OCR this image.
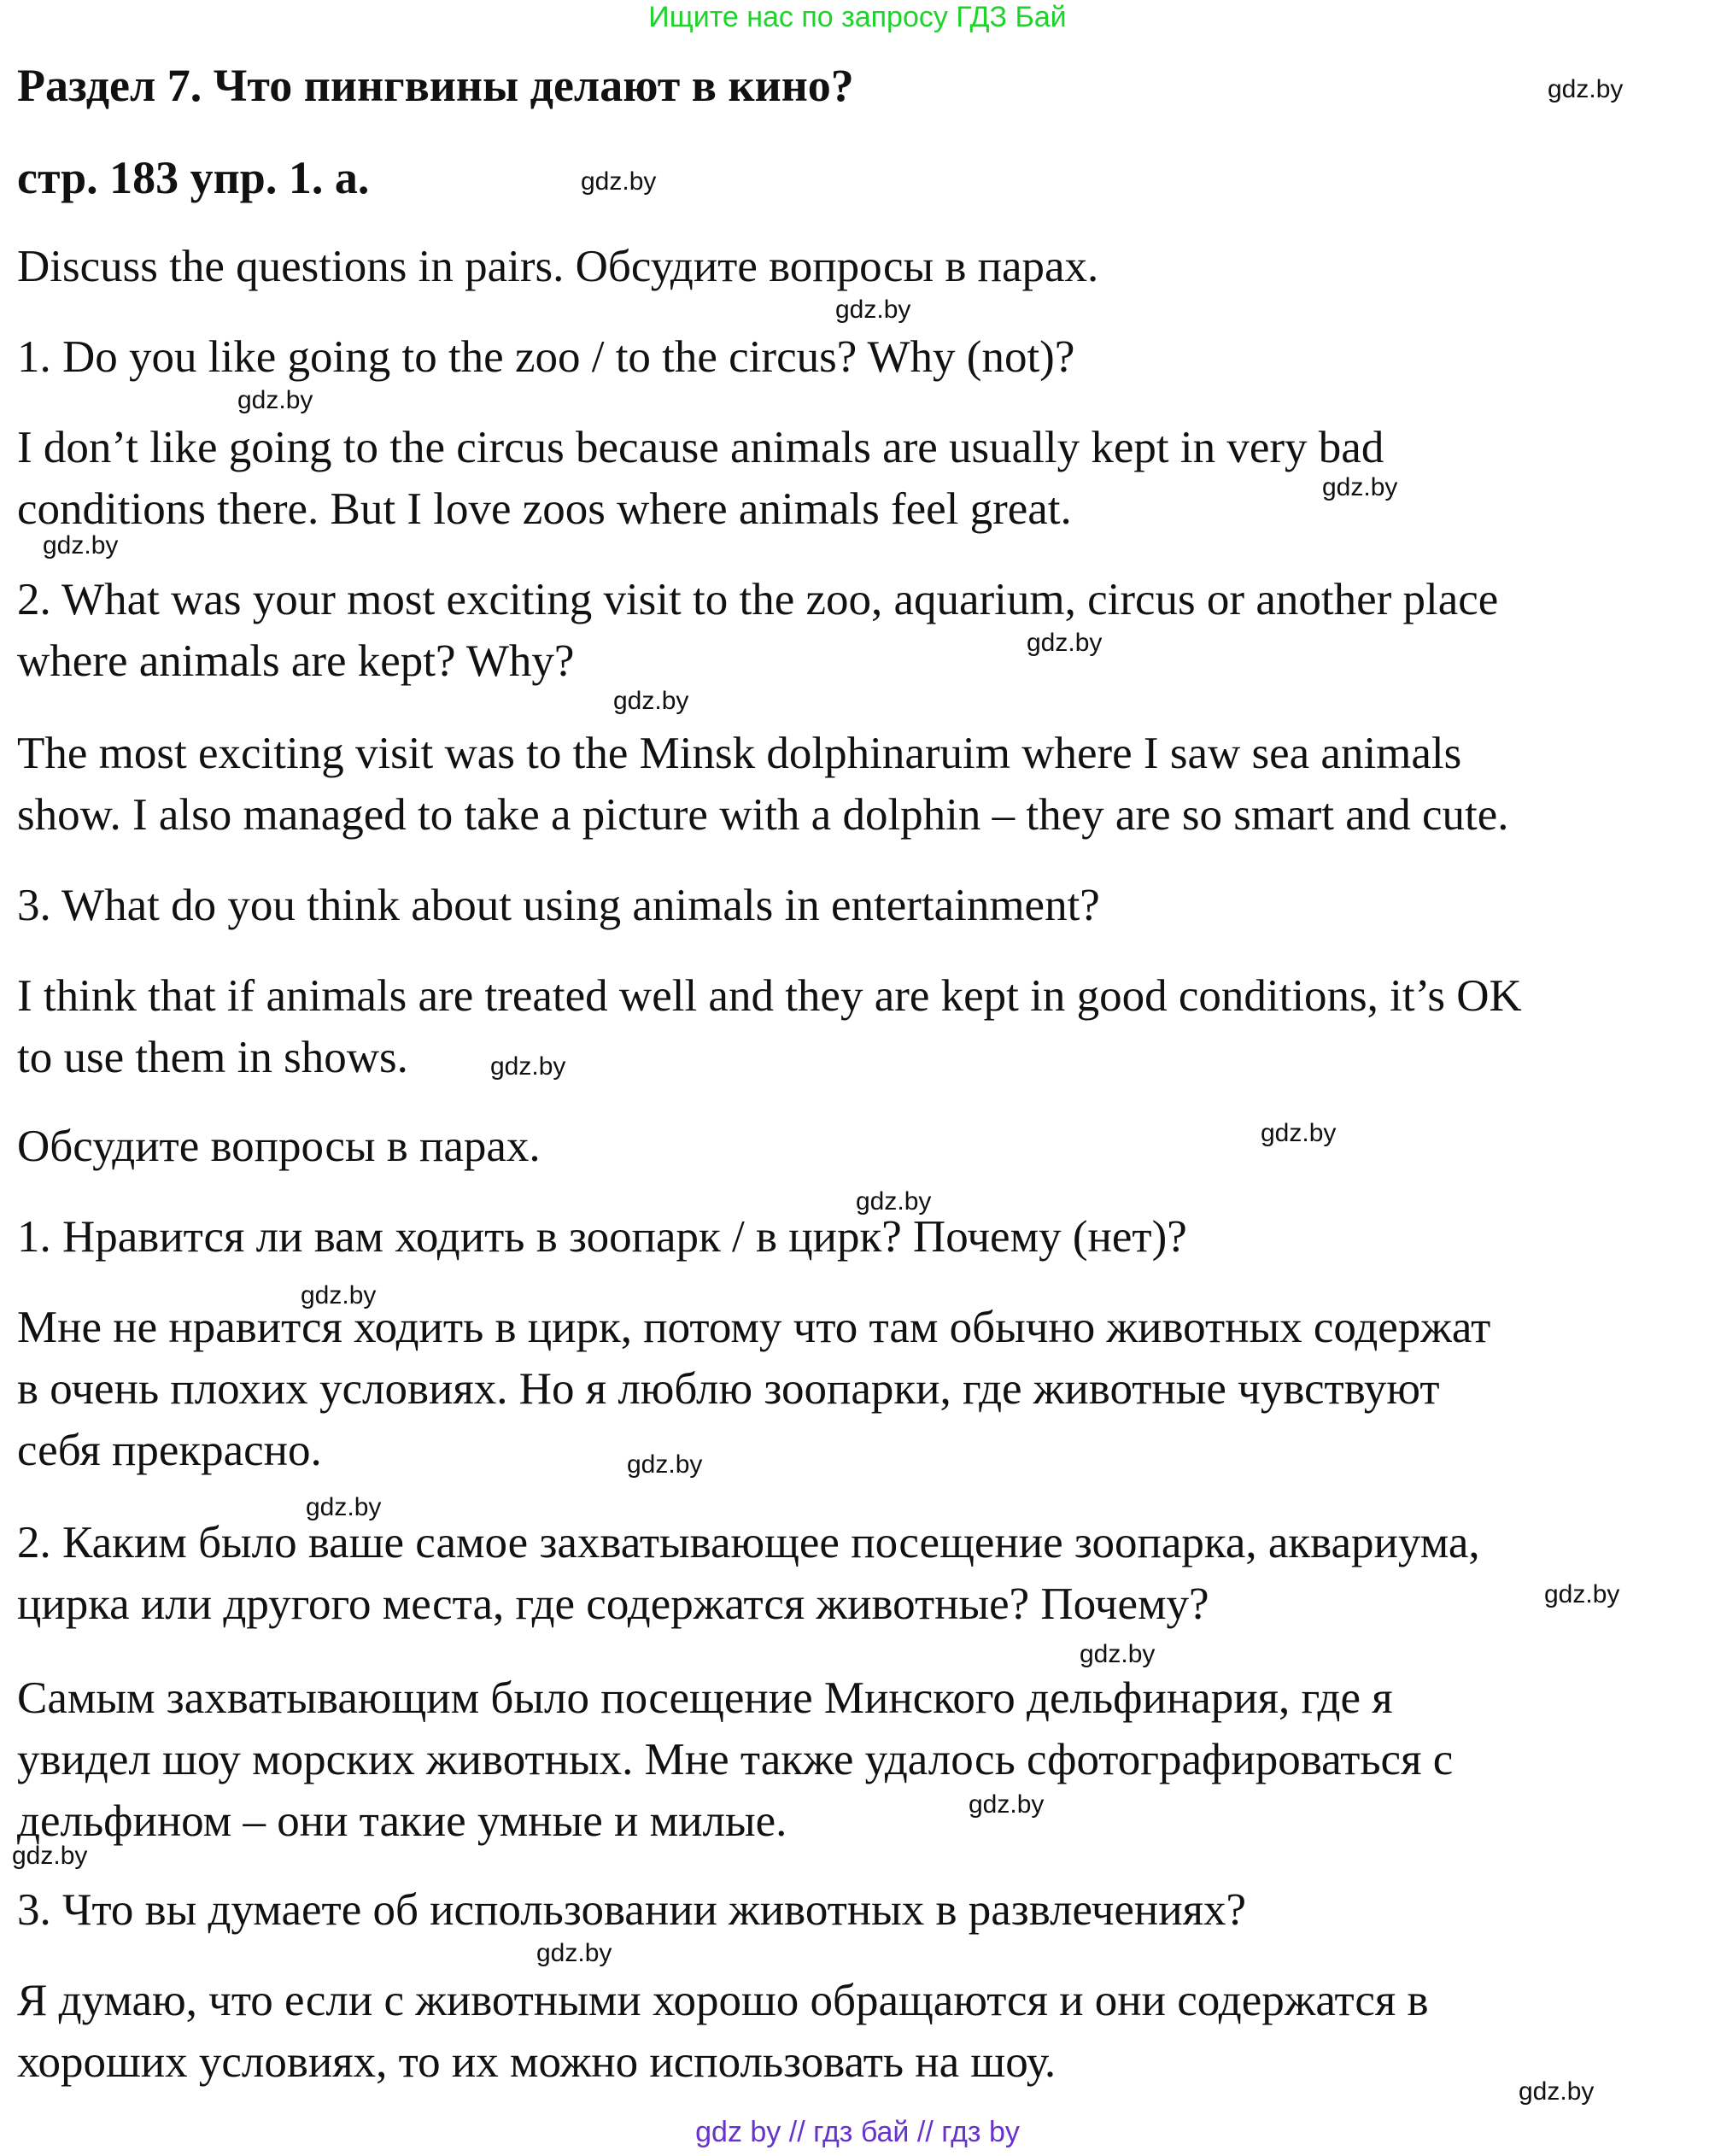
Ищите нас по запросу ГДЗ Бай
Раздел 7. Что пингвины делают в кино?
стр. 183 упр. 1. а.
Discuss the questions in pairs. Обсудите вопросы в парах.
1. Do you like going to the zoo / to the circus? Why (not)?
I don’t like going to the circus because animals are usually kept in very bad
conditions there. But I love zoos where animals feel great.
2. What was your most exciting visit to the zoo, aquarium, circus or another place
where animals are kept? Why?
The most exciting visit was to the Minsk dolphinaruim where I saw sea animals
show. I also managed to take a picture with a dolphin – they are so smart and cute.
3. What do you think about using animals in entertainment?
I think that if animals are treated well and they are kept in good conditions, it’s OK
to use them in shows.
Обсудите вопросы в парах.
1. Нравится ли вам ходить в зоопарк / в цирк? Почему (нет)?
Мне не нравится ходить в цирк, потому что там обычно животных содержат
в очень плохих условиях. Но я люблю зоопарки, где животные чувствуют
себя прекрасно.
2. Каким было ваше самое захватывающее посещение зоопарка, аквариума,
цирка или другого места, где содержатся животные? Почему?
Самым захватывающим было посещение Минского дельфинария, где я
увидел шоу морских животных. Мне также удалось сфотографироваться с
дельфином – они такие умные и милые.
3. Что вы думаете об использовании животных в развлечениях?
Я думаю, что если с животными хорошо обращаются и они содержатся в
хороших условиях, то их можно использовать на шоу.
gdz.by
gdz.by
gdz.by
gdz.by
gdz.by
gdz.by
gdz.by
gdz.by
gdz.by
gdz.by
gdz.by
gdz.by
gdz.by
gdz.by
gdz.by
gdz.by
gdz.by
gdz.by
gdz.by
gdz.by
gdz by // гдз бай // гдз by
